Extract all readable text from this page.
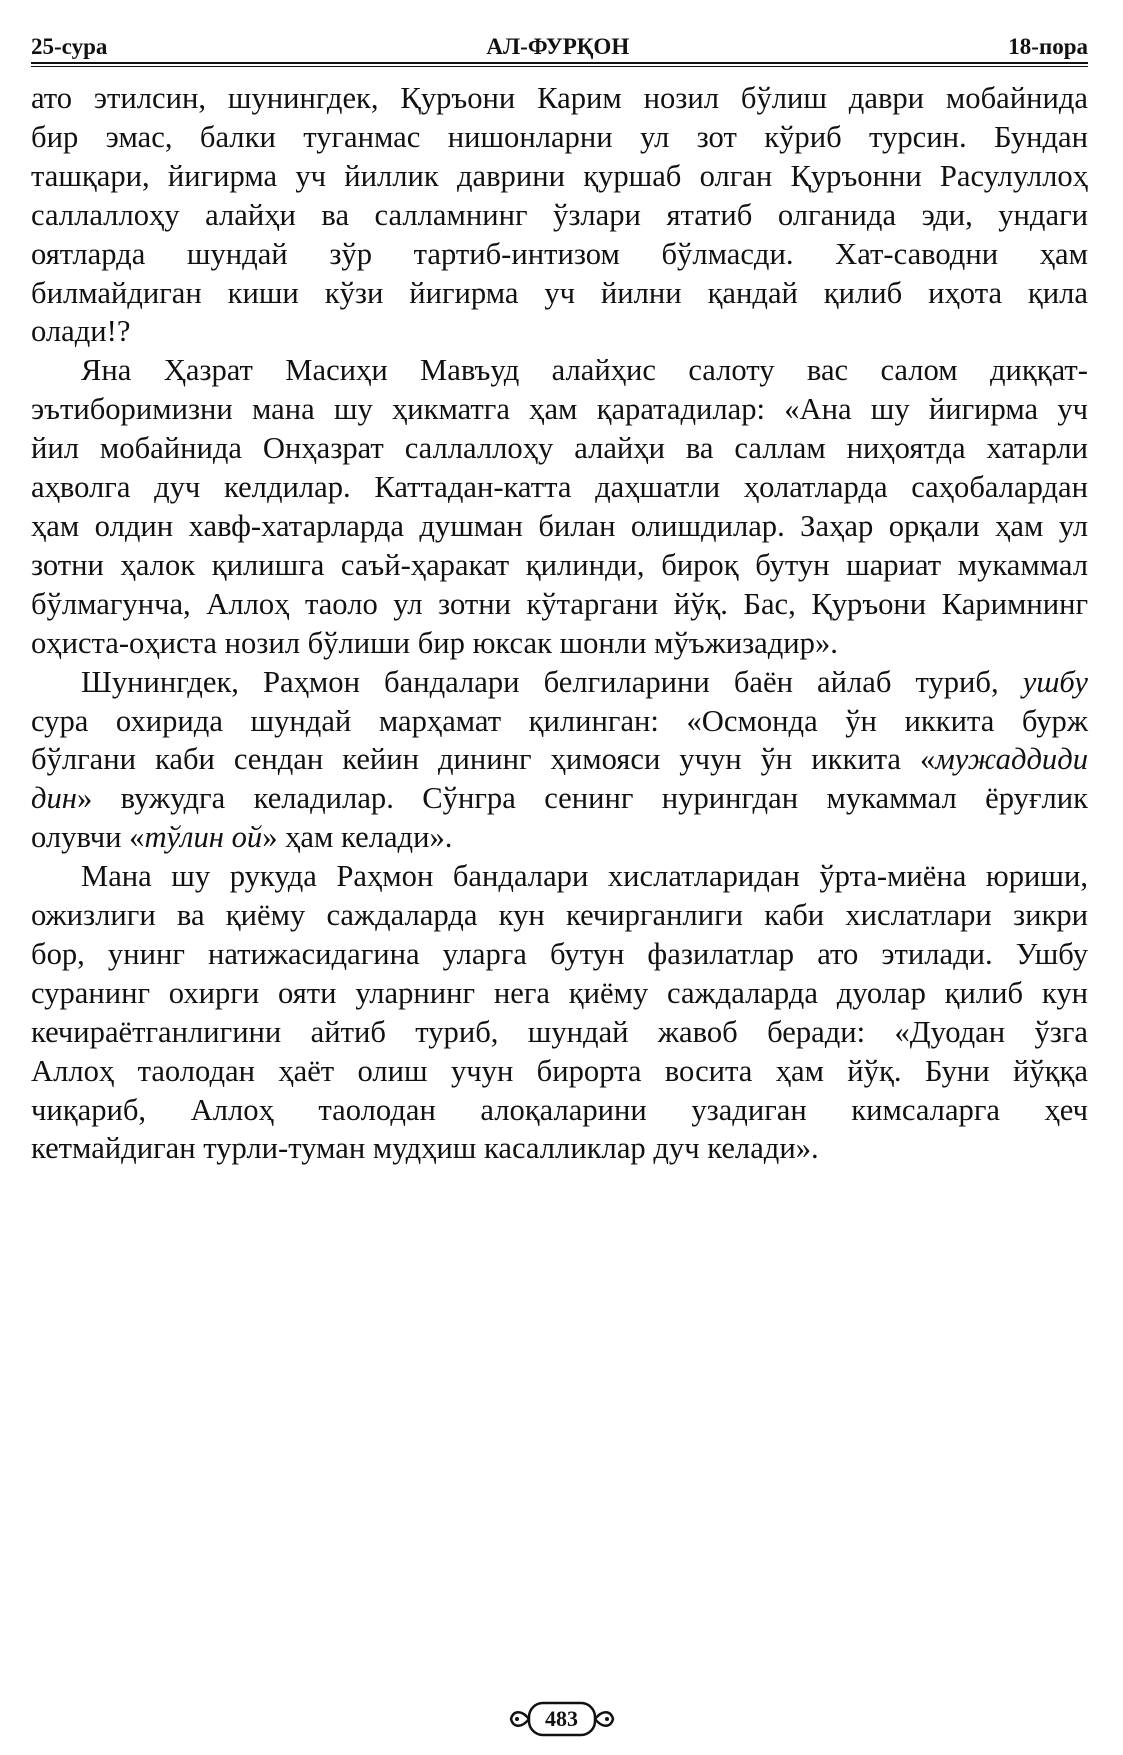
25-сура	АЛ-ФУРҚОН	18-пора
ато этилсин, шунингдек, Қуръони Карим нозил бўлиш даври мобайнида
бир эмас, балки туганмас нишонларни ул зот кўриб турсин. Бундан
ташқари, йигирма уч йиллик даврини қуршаб олган Қуръонни Расулуллоҳ
саллаллоҳу алайҳи ва салламнинг ўзлари ятатиб олганида эди, ундаги
оятларда шундай зўр тартиб-интизом бўлмасди. Хат-саводни ҳам
билмайдиган киши кўзи йигирма уч йилни қандай қилиб иҳота қила
олади!?
Яна Ҳазрат Масиҳи Мавъуд алайҳис салоту вас салом диққат-
эътиборимизни мана шу ҳикматга ҳам қаратадилар: «Ана шу йигирма уч
йил мобайнида Онҳазрат саллаллоҳу алайҳи ва саллам ниҳоятда хатарли
аҳволга дуч келдилар. Каттадан-катта даҳшатли ҳолатларда саҳобалардан
ҳам олдин хавф-хатарларда душман билан олишдилар. Заҳар орқали ҳам ул
зотни ҳалок қилишга саъй-ҳаракат қилинди, бироқ бутун шариат мукаммал
бўлмагунча, Аллоҳ таоло ул зотни кўтаргани йўқ. Бас, Қуръони Каримнинг
оҳиста-оҳиста нозил бўлиши бир юксак шонли мўъжизадир».
Шунингдек, Раҳмон бандалари белгиларини баён айлаб туриб, ушбу
сура охирида шундай марҳамат қилинган: «Осмонда ўн иккита бурж
бўлгани каби сендан кейин дининг ҳимояси учун ўн иккита «мужаддиди
дин» вужудга келадилар. Сўнгра сенинг нурингдан мукаммал ёруғлик
олувчи «тўлин ой» ҳам келади».
Мана шу рукуда Раҳмон бандалари хислатларидан ўрта-миёна юриши,
ожизлиги ва қиёму саждаларда кун кечирганлиги каби хислатлари зикри
бор, унинг натижасидагина уларга бутун фазилатлар ато этилади. Ушбу
суранинг охирги ояти уларнинг нега қиёму саждаларда дуолар қилиб кун
кечираётганлигини айтиб туриб, шундай жавоб беради: «Дуодан ўзга
Аллоҳ таолодан ҳаёт олиш учун бирорта восита ҳам йўқ. Буни йўққа
чиқариб, Аллоҳ таолодан алоқаларини узадиган кимсаларга ҳеч
кетмайдиган турли-туман мудҳиш касалликлар дуч келади».
483
